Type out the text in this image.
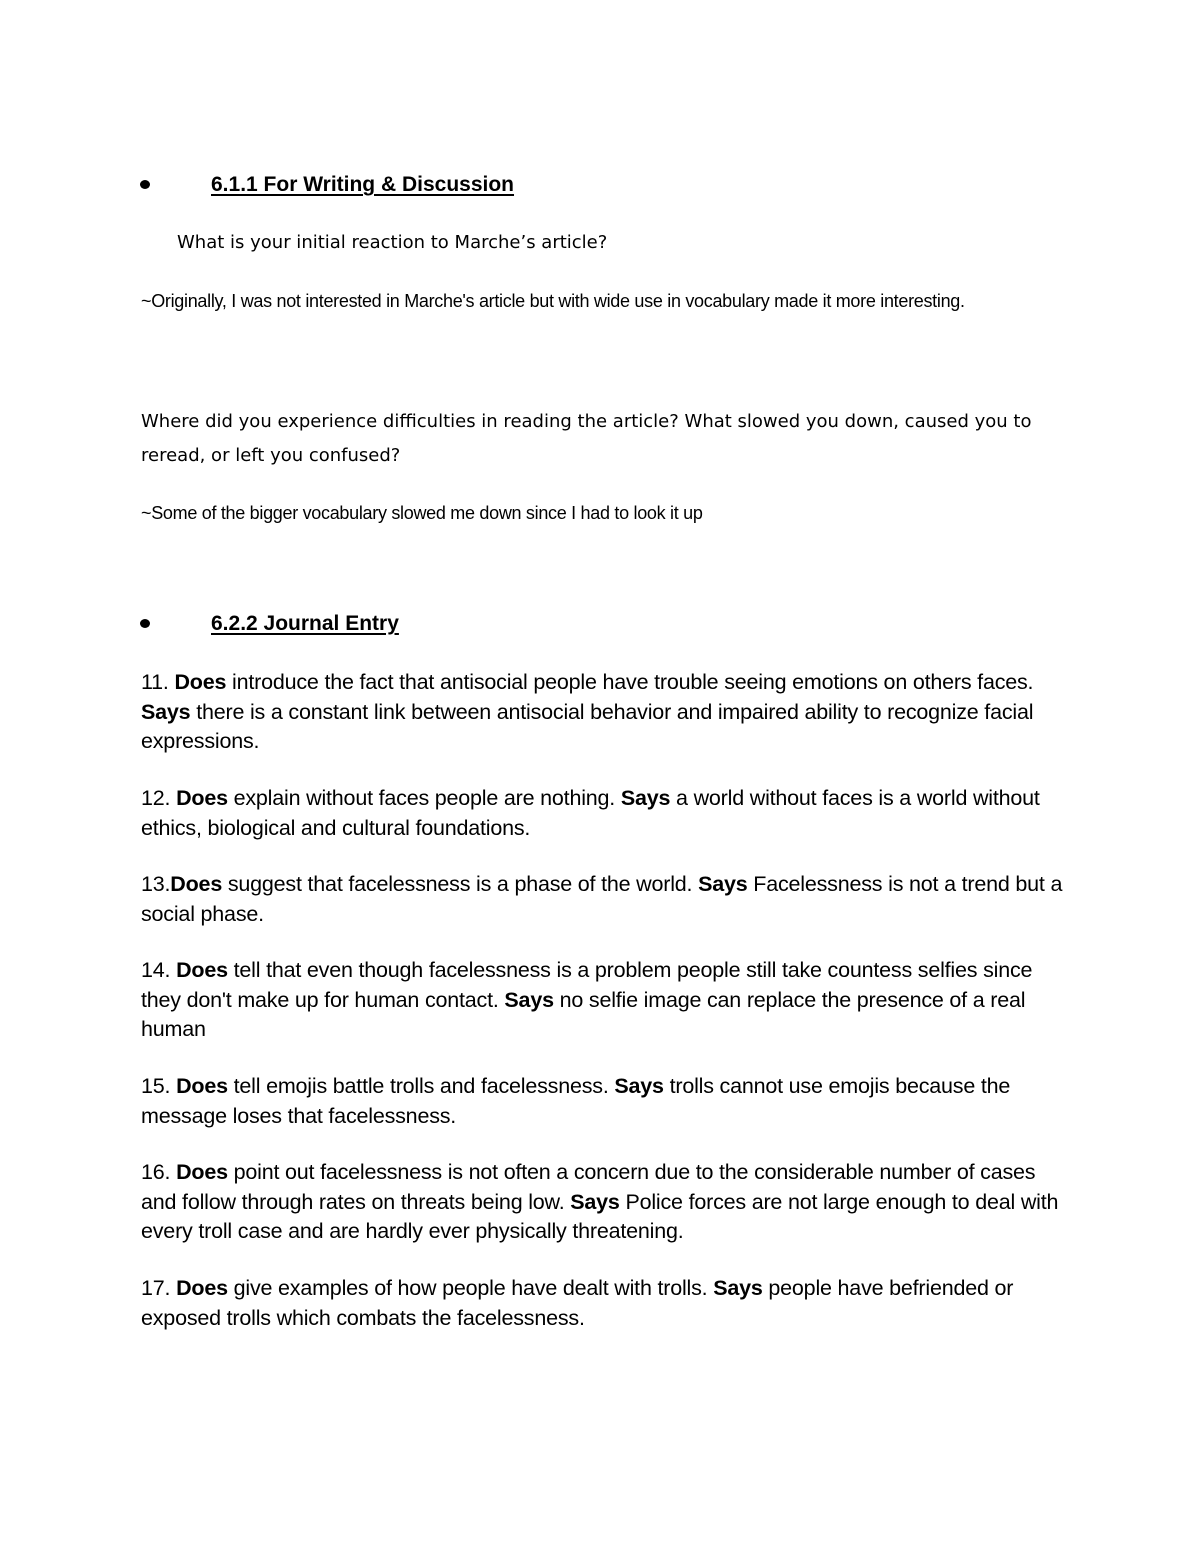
6.1.1 For Writing & Discussion
What is your initial reaction to Marche’s article?
~Originally, I was not interested in Marche's article but with wide use in vocabulary made it more interesting.
Where did you experience difficulties in reading the article? What slowed you down, caused you to reread, or left you confused?
~Some of the bigger vocabulary slowed me down since I had to look it up
6.2.2 Journal Entry
11. Does introduce the fact that antisocial people have trouble seeing emotions on others faces. Says there is a constant link between antisocial behavior and impaired ability to recognize facial expressions.
12. Does explain without faces people are nothing. Says a world without faces is a world without ethics, biological and cultural foundations.
13.Does suggest that facelessness is a phase of the world. Says Facelessness is not a trend but a social phase.
14. Does tell that even though facelessness is a problem people still take countess selfies since they don't make up for human contact. Says no selfie image can replace the presence of a real human
15. Does tell emojis battle trolls and facelessness. Says trolls cannot use emojis because the message loses that facelessness.
16. Does point out facelessness is not often a concern due to the considerable number of cases and follow through rates on threats being low. Says Police forces are not large enough to deal with every troll case and are hardly ever physically threatening.
17. Does give examples of how people have dealt with trolls. Says people have befriended or exposed trolls which combats the facelessness.
